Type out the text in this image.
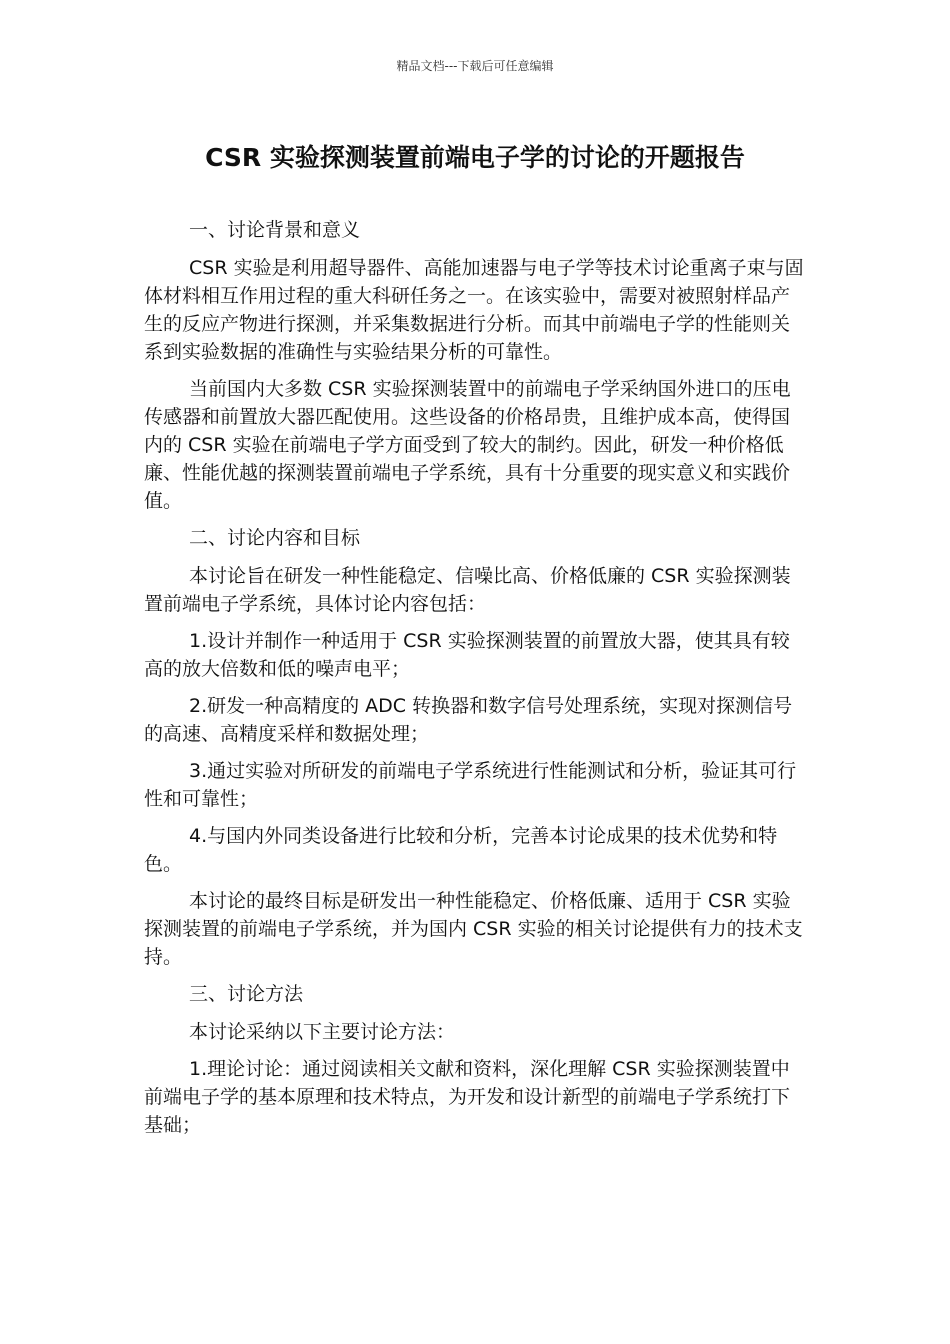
精品文档---下载后可任意编辑
CSR 实验探测装置前端电子学的讨论的开题报告

一、讨论背景和意义

CSR 实验是利用超导器件、高能加速器与电子学等技术讨论重离子束与固体材料相互作用过程的重大科研任务之一。在该实验中，需要对被照射样品产生的反应产物进行探测，并采集数据进行分析。而其中前端电子学的性能则关系到实验数据的准确性与实验结果分析的可靠性。

当前国内大多数 CSR 实验探测装置中的前端电子学采纳国外进口的压电传感器和前置放大器匹配使用。这些设备的价格昂贵，且维护成本高，使得国内的 CSR 实验在前端电子学方面受到了较大的制约。因此，研发一种价格低廉、性能优越的探测装置前端电子学系统，具有十分重要的现实意义和实践价值。

二、讨论内容和目标

本讨论旨在研发一种性能稳定、信噪比高、价格低廉的 CSR 实验探测装置前端电子学系统，具体讨论内容包括：

1.设计并制作一种适用于 CSR 实验探测装置的前置放大器，使其具有较高的放大倍数和低的噪声电平；

2.研发一种高精度的 ADC 转换器和数字信号处理系统，实现对探测信号的高速、高精度采样和数据处理；

3.通过实验对所研发的前端电子学系统进行性能测试和分析，验证其可行性和可靠性；

4.与国内外同类设备进行比较和分析，完善本讨论成果的技术优势和特色。

本讨论的最终目标是研发出一种性能稳定、价格低廉、适用于 CSR 实验探测装置的前端电子学系统，并为国内 CSR 实验的相关讨论提供有力的技术支持。

三、讨论方法

本讨论采纳以下主要讨论方法：

1.理论讨论：通过阅读相关文献和资料，深化理解 CSR 实验探测装置中前端电子学的基本原理和技术特点，为开发和设计新型的前端电子学系统打下基础；
